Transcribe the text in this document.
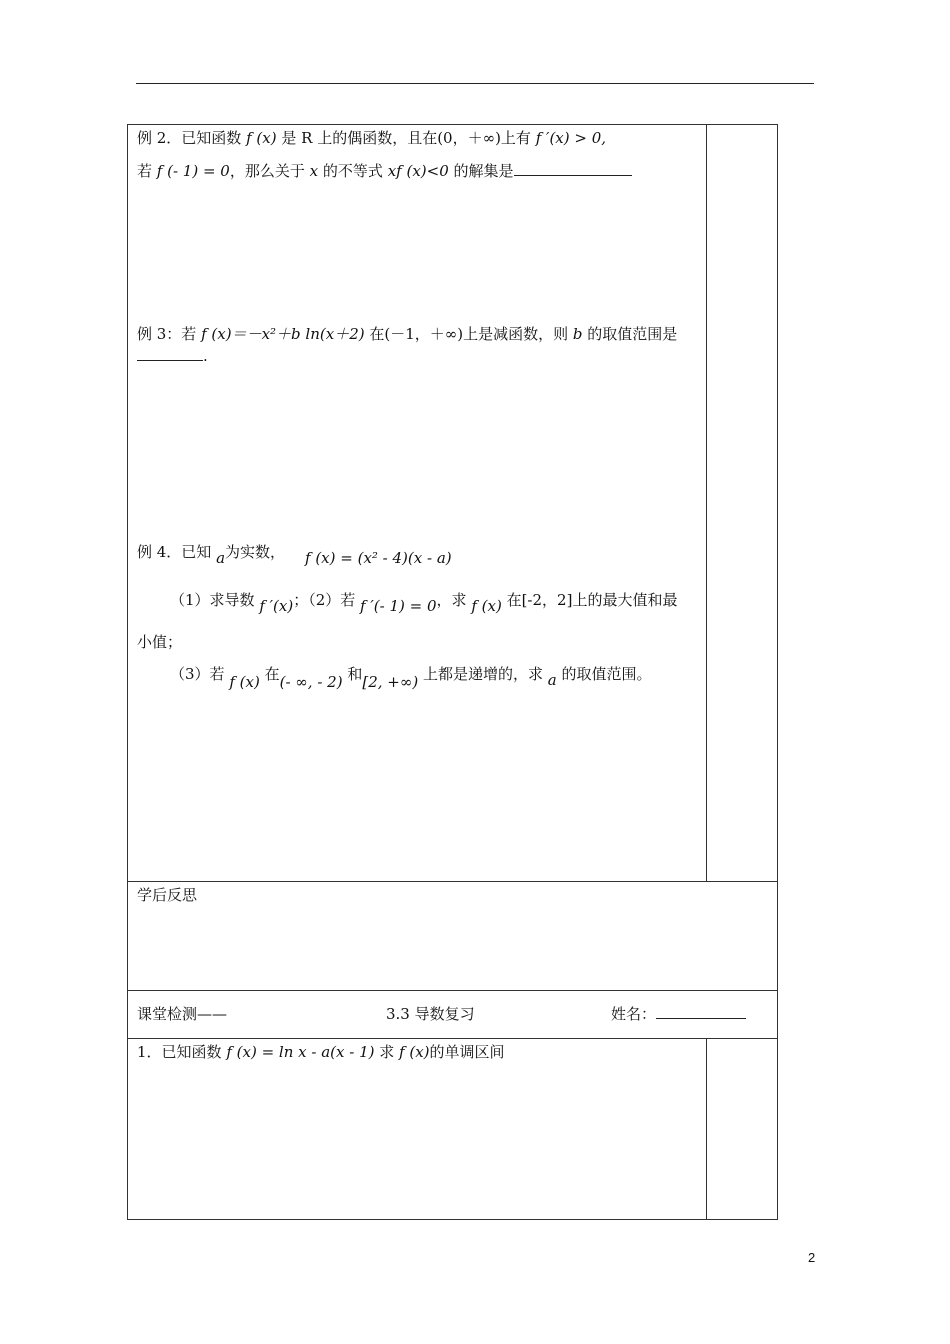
例 2．已知函数 f (x) 是 R 上的偶函数，且在(0，＋∞)上有 f ′(x) > 0,
若 f (- 1) = 0，那么关于 x 的不等式 xf (x)<0 的解集是
例 3：若 f (x)＝－x²＋b ln(x＋2) 在(－1，＋∞)上是减函数，则 b 的取值范围是
.
例 4．已知 a为实数， f (x) = (x² - 4)(x - a)
（1）求导数 f ′(x)；（2）若 f ′(- 1) = 0，求 f (x) 在[-2，2]上的最大值和最
小值；
（3）若 f (x) 在(- ∞, - 2) 和[2, +∞) 上都是递增的，求 a 的取值范围。
学后反思
课堂检测——	3.3 导数复习	姓名：
1．已知函数 f (x) = ln x - a(x - 1) 求 f (x)的单调区间
2
